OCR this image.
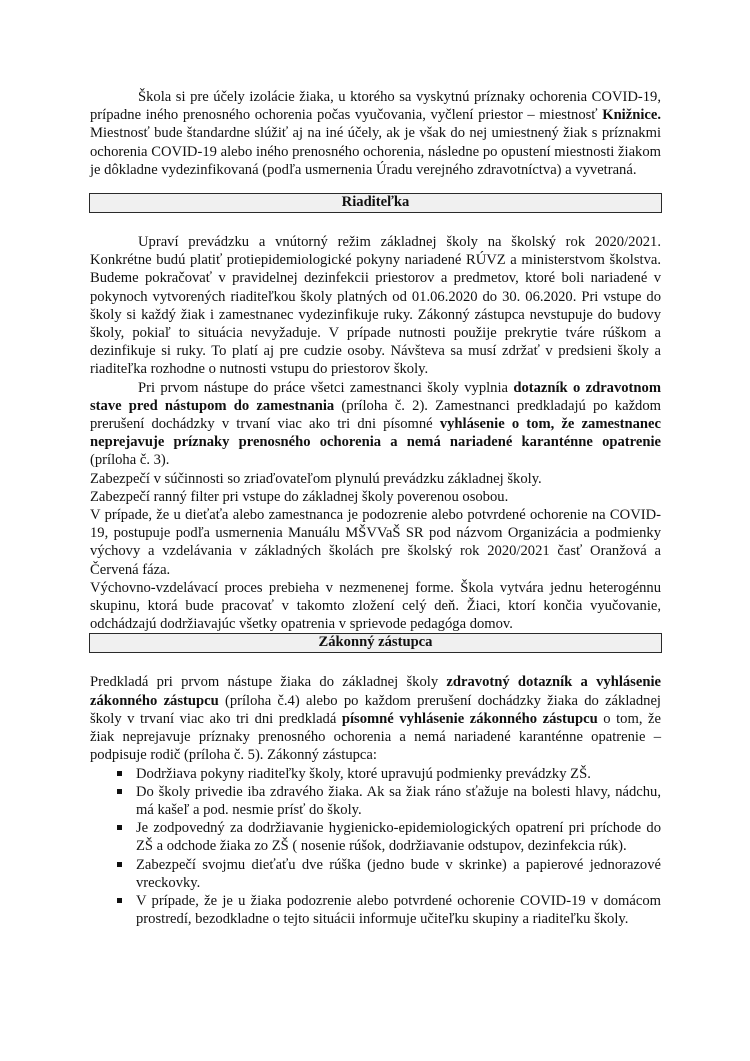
Škola si pre účely izolácie žiaka, u ktorého sa vyskytnú príznaky ochorenia COVID-19, prípadne iného prenosného ochorenia počas vyučovania, vyčlení priestor – miestnosť Knižnice. Miestnosť bude štandardne slúžiť aj na iné účely, ak je však do nej umiestnený žiak s príznakmi ochorenia COVID-19 alebo iného prenosného ochorenia, následne po opustení miestnosti žiakom je dôkladne vydezinfikovaná (podľa usmernenia Úradu verejného zdravotníctva) a vyvetraná.

Riaditeľka

Upraví prevádzku a vnútorný režim základnej školy na školský rok 2020/2021. Konkrétne budú platiť protiepidemiologické pokyny nariadené RÚVZ a ministerstvom školstva. Budeme pokračovať v pravidelnej dezinfekcii priestorov a predmetov, ktoré boli nariadené v pokynoch vytvorených riaditeľkou školy platných od 01.06.2020 do 30. 06.2020. Pri vstupe do školy si každý žiak i zamestnanec vydezinfikuje ruky. Zákonný zástupca nevstupuje do budovy školy, pokiaľ to situácia nevyžaduje. V prípade nutnosti použije prekrytie tváre rúškom a dezinfikuje si ruky. To platí aj pre cudzie osoby. Návšteva sa musí zdržať v predsieni školy a riaditeľka rozhodne o nutnosti vstupu do priestorov školy.

Pri prvom nástupe do práce všetci zamestnanci školy vyplnia dotazník o zdravotnom stave pred nástupom do zamestnania (príloha č. 2). Zamestnanci predkladajú po každom prerušení dochádzky v trvaní viac ako tri dni písomné vyhlásenie o tom, že zamestnanec neprejavuje príznaky prenosného ochorenia a nemá nariadené karanténne opatrenie (príloha č. 3).

Zabezpečí v súčinnosti so zriaďovateľom plynulú prevádzku základnej školy.

Zabezpečí ranný filter pri vstupe do základnej školy poverenou osobou.

V prípade, že u dieťaťa alebo zamestnanca je podozrenie alebo potvrdené ochorenie na COVID-19, postupuje podľa usmernenia Manuálu MŠVVaŠ SR pod názvom Organizácia a podmienky výchovy a vzdelávania v základných školách pre školský rok 2020/2021 časť Oranžová a Červená fáza.

Výchovno-vzdelávací proces prebieha v nezmenenej forme. Škola vytvára jednu heterogénnu skupinu, ktorá bude pracovať v takomto zložení celý deň. Žiaci, ktorí končia vyučovanie, odchádzajú dodržiavajúc všetky opatrenia v sprievode pedagóga domov.

Zákonný zástupca

Predkladá pri prvom nástupe žiaka do základnej školy zdravotný dotazník a vyhlásenie zákonného zástupcu (príloha č.4) alebo po každom prerušení dochádzky žiaka do základnej školy v trvaní viac ako tri dni predkladá písomné vyhlásenie zákonného zástupcu o tom, že žiak neprejavuje príznaky prenosného ochorenia a nemá nariadené karanténne opatrenie – podpisuje rodič (príloha č. 5). Zákonný zástupca:

Dodržiava pokyny riaditeľky školy, ktoré upravujú podmienky prevádzky ZŠ.
Do školy privedie iba zdravého žiaka. Ak sa žiak ráno sťažuje na bolesti hlavy, nádchu, má kašeľ a pod. nesmie prísť do školy.
Je zodpovedný za dodržiavanie hygienicko-epidemiologických opatrení pri príchode do ZŠ a odchode žiaka zo ZŠ ( nosenie rúšok, dodržiavanie odstupov, dezinfekcia rúk).
Zabezpečí svojmu dieťaťu dve rúška (jedno bude v skrinke) a papierové jednorazové vreckovky.
V prípade, že je u žiaka podozrenie alebo potvrdené ochorenie COVID-19 v domácom prostredí, bezodkladne o tejto situácii informuje učiteľku skupiny a riaditeľku školy.
